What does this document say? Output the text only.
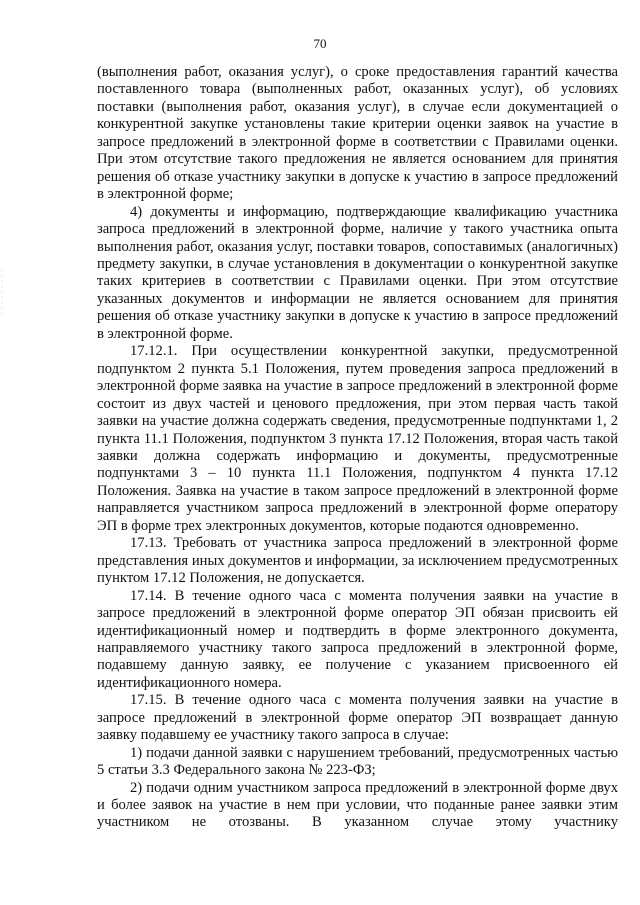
70
· · · · · · · · ·

(выполнения работ, оказания услуг), о сроке предоставления гарантий качества поставленного товара (выполненных работ, оказанных услуг), об условиях поставки (выполнения работ, оказания услуг), в случае если документацией о конкурентной закупке установлены такие критерии оценки заявок на участие в запросе предложений в электронной форме в соответствии с Правилами оценки. При этом отсутствие такого предложения не является основанием для принятия решения об отказе участнику закупки в допуске к участию в запросе предложений в электронной форме;

4) документы и информацию, подтверждающие квалификацию участника запроса предложений в электронной форме, наличие у такого участника опыта выполнения работ, оказания услуг, поставки товаров, сопоставимых (аналогичных) предмету закупки, в случае установления в документации о конкурентной закупке таких критериев в соответствии с Правилами оценки. При этом отсутствие указанных документов и информации не является основанием для принятия решения об отказе участнику закупки в допуске к участию в запросе предложений в электронной форме.

17.12.1. При осуществлении конкурентной закупки, предусмотренной подпунктом 2 пункта 5.1 Положения, путем проведения запроса предложений в электронной форме заявка на участие в запросе предложений в электронной форме состоит из двух частей и ценового предложения, при этом первая часть такой заявки на участие должна содержать сведения, предусмотренные подпунктами 1, 2 пункта 11.1 Положения, подпунктом 3 пункта 17.12 Положения, вторая часть такой заявки должна содержать информацию и документы, предусмотренные подпунктами 3 – 10 пункта 11.1 Положения, подпунктом 4 пункта 17.12 Положения. Заявка на участие в таком запросе предложений в электронной форме направляется участником запроса предложений в электронной форме оператору ЭП в форме трех электронных документов, которые подаются одновременно.

17.13. Требовать от участника запроса предложений в электронной форме представления иных документов и информации, за исключением предусмотренных пунктом 17.12 Положения, не допускается.

17.14. В течение одного часа с момента получения заявки на участие в запросе предложений в электронной форме оператор ЭП обязан присвоить ей идентификационный номер и подтвердить в форме электронного документа, направляемого участнику такого запроса предложений в электронной форме, подавшему данную заявку, ее получение с указанием присвоенного ей идентификационного номера.

17.15. В течение одного часа с момента получения заявки на участие в запросе предложений в электронной форме оператор ЭП возвращает данную заявку подавшему ее участнику такого запроса в случае:

1) подачи данной заявки с нарушением требований, предусмотренных частью 5 статьи 3.3 Федерального закона № 223-ФЗ;

2) подачи одним участником запроса предложений в электронной форме двух и более заявок на участие в нем при условии, что поданные ранее заявки этим участником не отозваны. В указанном случае этому участнику
